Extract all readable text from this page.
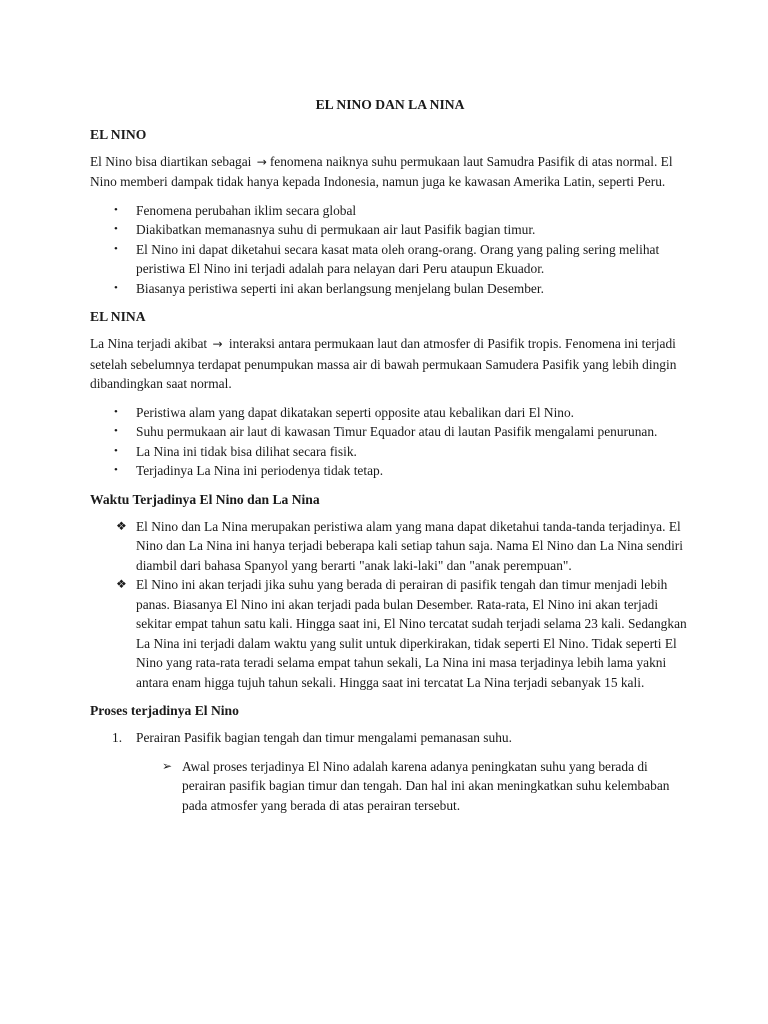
EL NINO DAN LA NINA
EL NINO

El Nino bisa diartikan sebagai → fenomena naiknya suhu permukaan laut Samudra Pasifik di atas normal. El Nino memberi dampak tidak hanya kepada Indonesia, namun juga ke kawasan Amerika Latin, seperti Peru.

• Fenomena perubahan iklim secara global
• Diakibatkan memanasnya suhu di permukaan air laut Pasifik bagian timur.
• El Nino ini dapat diketahui secara kasat mata oleh orang-orang. Orang yang paling sering melihat peristiwa El Nino ini terjadi adalah para nelayan dari Peru ataupun Ekuador.
• Biasanya peristiwa seperti ini akan berlangsung menjelang bulan Desember.
EL NINA

La Nina terjadi akibat → interaksi antara permukaan laut dan atmosfer di Pasifik tropis. Fenomena ini terjadi setelah sebelumnya terdapat penumpukan massa air di bawah permukaan Samudera Pasifik yang lebih dingin dibandingkan saat normal.

• Peristiwa alam yang dapat dikatakan seperti opposite atau kebalikan dari El Nino.
• Suhu permukaan air laut di kawasan Timur Equador atau di lautan Pasifik mengalami penurunan.
• La Nina ini tidak bisa dilihat secara fisik.
• Terjadinya La Nina ini periodenya tidak tetap.
Waktu Terjadinya El Nino dan La Nina
❖ El Nino dan La Nina merupakan peristiwa alam yang mana dapat diketahui tanda-tanda terjadinya. El Nino dan La Nina ini hanya terjadi beberapa kali setiap tahun saja. Nama El Nino dan La Nina sendiri diambil dari bahasa Spanyol yang berarti "anak laki-laki" dan "anak perempuan".
❖ El Nino ini akan terjadi jika suhu yang berada di perairan di pasifik tengah dan timur menjadi lebih panas. Biasanya El Nino ini akan terjadi pada bulan Desember. Rata-rata, El Nino ini akan terjadi sekitar empat tahun satu kali. Hingga saat ini, El Nino tercatat sudah terjadi selama 23 kali. Sedangkan La Nina ini terjadi dalam waktu yang sulit untuk diperkirakan, tidak seperti El Nino. Tidak seperti El Nino yang rata-rata teradi selama empat tahun sekali, La Nina ini masa terjadinya lebih lama yakni antara enam higga tujuh tahun sekali. Hingga saat ini tercatat La Nina terjadi sebanyak 15 kali.
Proses terjadinya El Nino
1. Perairan Pasifik bagian tengah dan timur mengalami pemanasan suhu.
➢ Awal proses terjadinya El Nino adalah karena adanya peningkatan suhu yang berada di perairan pasifik bagian timur dan tengah. Dan hal ini akan meningkatkan suhu kelembaban pada atmosfer yang berada di atas perairan tersebut.
